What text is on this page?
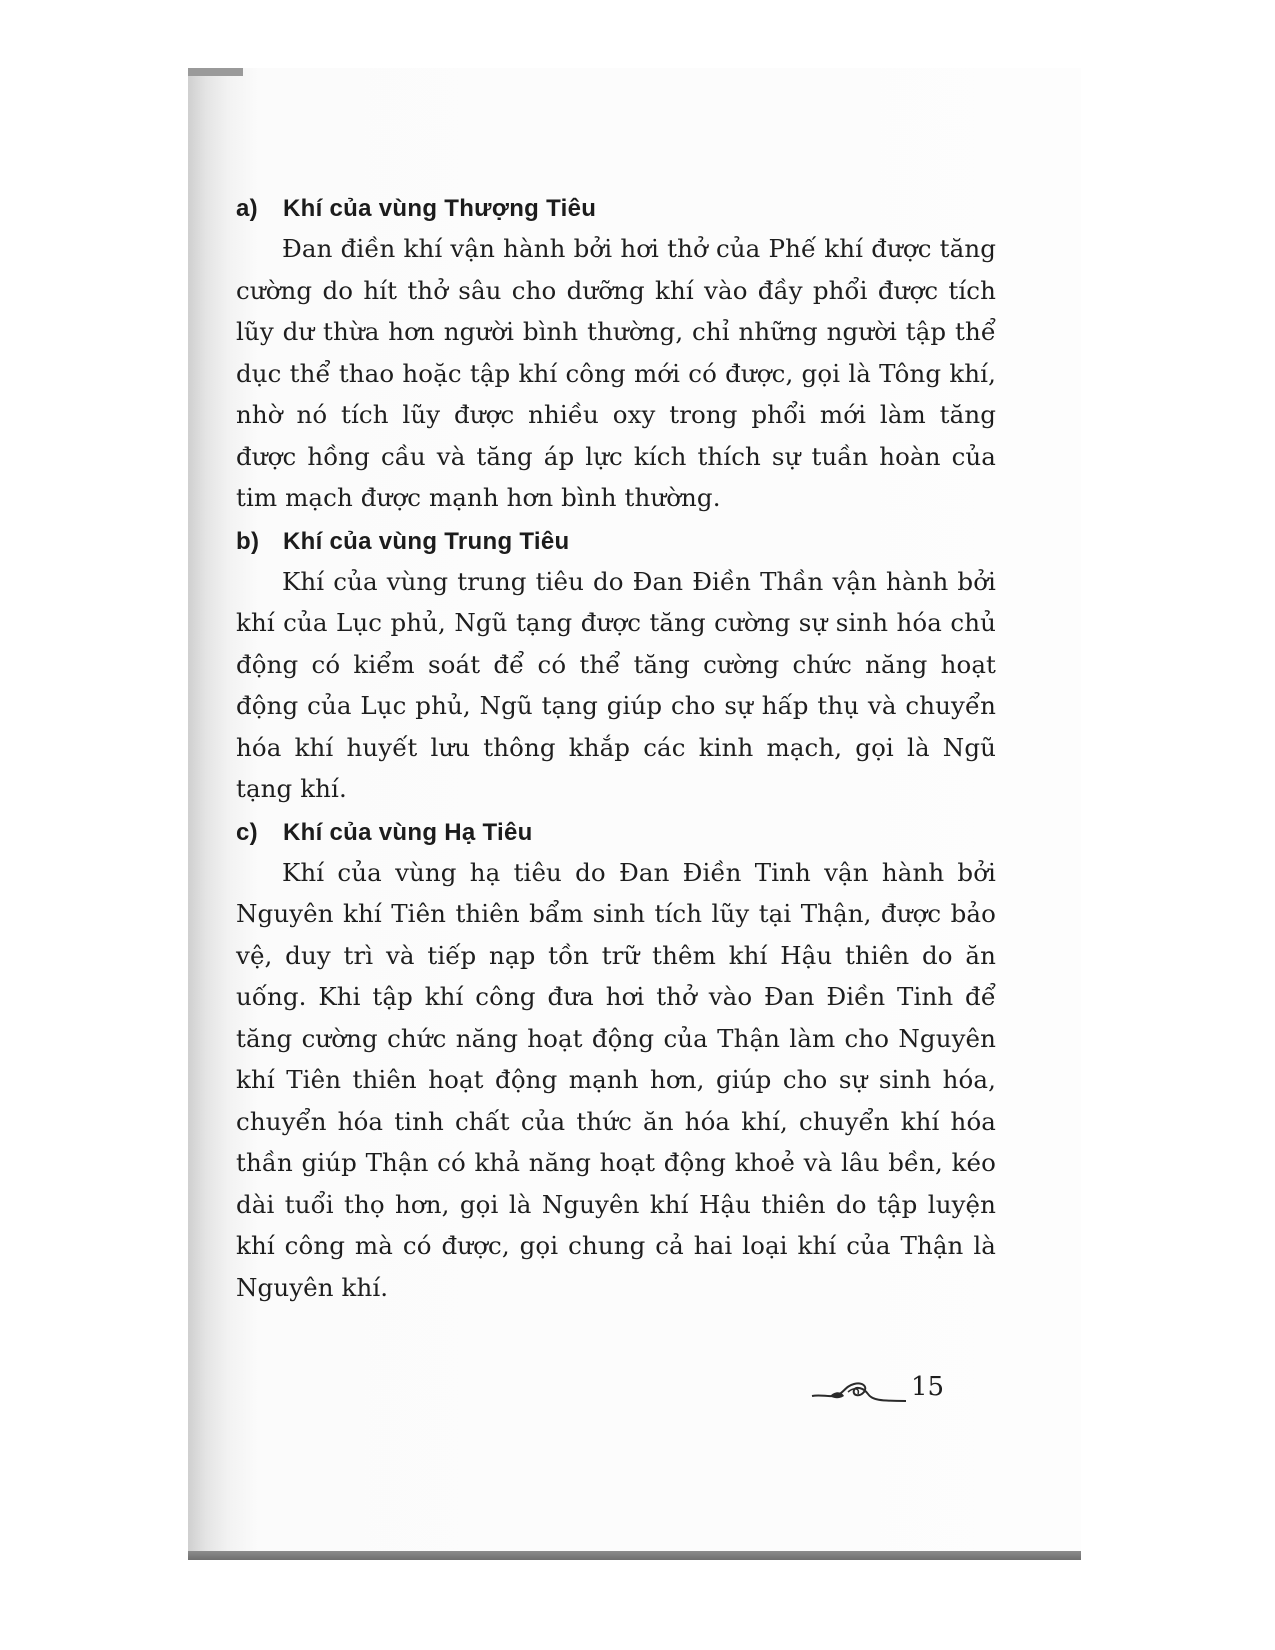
a) Khí của vùng Thượng Tiêu

Đan điền khí vận hành bởi hơi thở của Phế khí được tăng cường do hít thở sâu cho dưỡng khí vào đầy phổi được tích lũy dư thừa hơn người bình thường, chỉ những người tập thể dục thể thao hoặc tập khí công mới có được, gọi là Tông khí, nhờ nó tích lũy được nhiều oxy trong phổi mới làm tăng được hồng cầu và tăng áp lực kích thích sự tuần hoàn của tim mạch được mạnh hơn bình thường.

b) Khí của vùng Trung Tiêu

Khí của vùng trung tiêu do Đan Điền Thần vận hành bởi khí của Lục phủ, Ngũ tạng được tăng cường sự sinh hóa chủ động có kiểm soát để có thể tăng cường chức năng hoạt động của Lục phủ, Ngũ tạng giúp cho sự hấp thụ và chuyển hóa khí huyết lưu thông khắp các kinh mạch, gọi là Ngũ tạng khí.

c) Khí của vùng Hạ Tiêu

Khí của vùng hạ tiêu do Đan Điền Tinh vận hành bởi Nguyên khí Tiên thiên bẩm sinh tích lũy tại Thận, được bảo vệ, duy trì và tiếp nạp tồn trữ thêm khí Hậu thiên do ăn uống. Khi tập khí công đưa hơi thở vào Đan Điền Tinh để tăng cường chức năng hoạt động của Thận làm cho Nguyên khí Tiên thiên hoạt động mạnh hơn, giúp cho sự sinh hóa, chuyển hóa tinh chất của thức ăn hóa khí, chuyển khí hóa thần giúp Thận có khả năng hoạt động khoẻ và lâu bền, kéo dài tuổi thọ hơn, gọi là Nguyên khí Hậu thiên do tập luyện khí công mà có được, gọi chung cả hai loại khí của Thận là Nguyên khí.

15
